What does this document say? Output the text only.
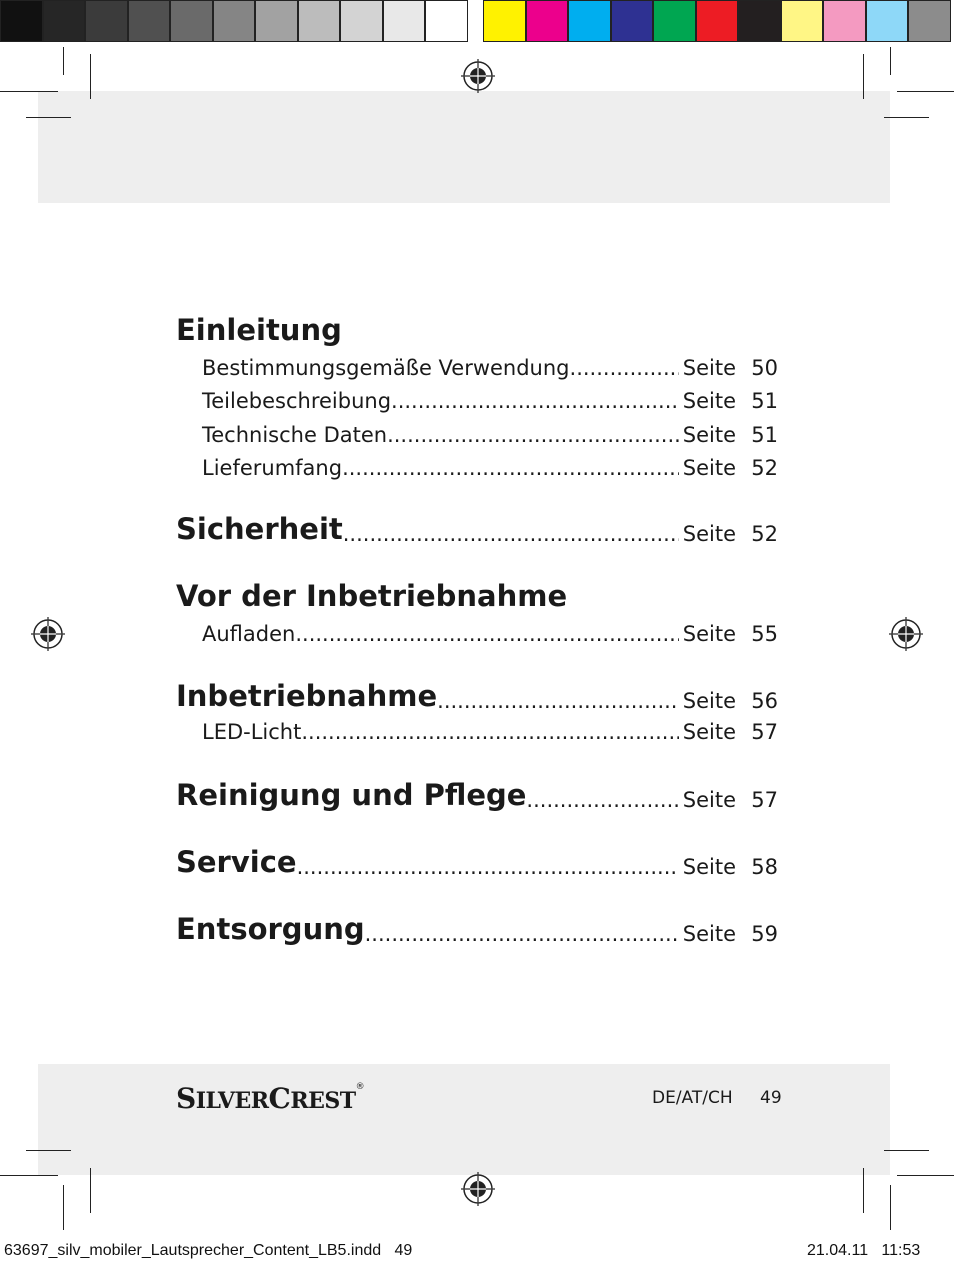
Einleitung
Bestimmungsgemäße Verwendung .....	Seite 50
Teilebeschreibung .....	Seite 51
Technische Daten .....	Seite 51
Lieferumfang .....	Seite 52
Sicherheit .....	Seite 52
Vor der Inbetriebnahme
Aufladen .....	Seite 55
Inbetriebnahme .....	Seite 56
LED-Licht .....	Seite 57
Reinigung und Pflege .....	Seite 57
Service .....	Seite 58
Entsorgung .....	Seite 59
SILVERCREST®
DE/AT/CH 49
63697_silv_mobiler_Lautsprecher_Content_LB5.indd   49	21.04.11   11:53
